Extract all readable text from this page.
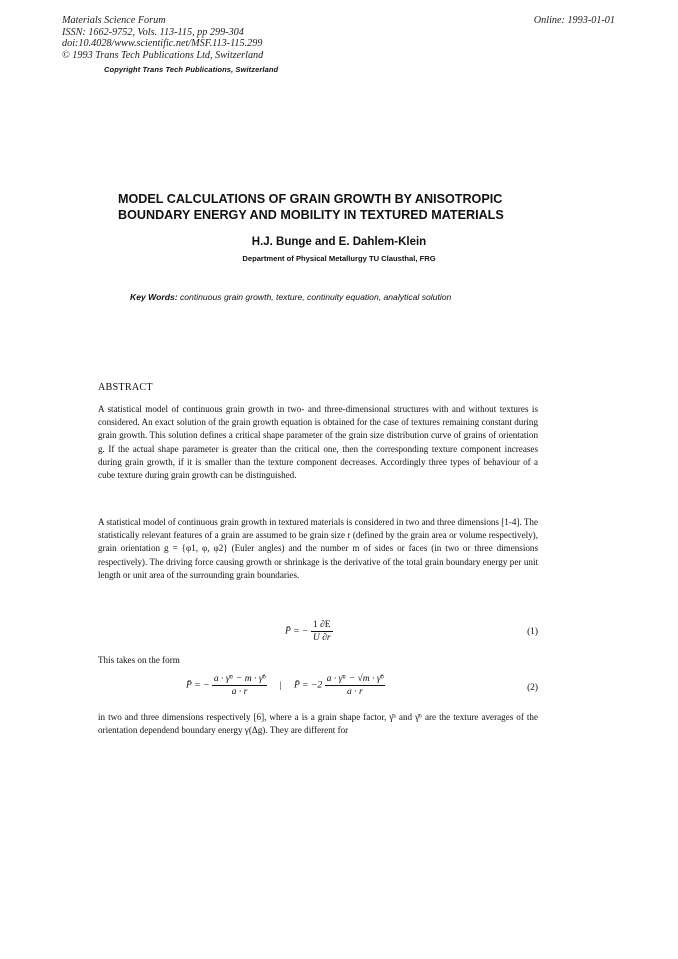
Materials Science Forum
ISSN: 1662-9752, Vols. 113-115, pp 299-304
doi:10.4028/www.scientific.net/MSF.113-115.299
© 1993 Trans Tech Publications Ltd, Switzerland
Online: 1993-01-01
Copyright Trans Tech Publications, Switzerland
MODEL CALCULATIONS OF GRAIN GROWTH BY ANISOTROPIC
BOUNDARY ENERGY AND MOBILITY IN TEXTURED MATERIALS
H.J. Bunge and E. Dahlem-Klein
Department of Physical Metallurgy TU Clausthal, FRG
Key Words: continuous grain growth, texture, continuity equation, analytical solution
ABSTRACT
A statistical model of continuous grain growth in two- and three-dimensional structures with and without textures is considered. An exact solution of the grain growth equation is obtained for the case of textures remaining constant during grain growth. This solution defines a critical shape parameter of the grain size distribution curve of grains of orientation g. If the actual shape parameter is greater than the critical one, then the corresponding texture component increases during grain growth, if it is smaller than the texture component decreases. Accordingly three types of behaviour of a cube texture during grain growth can be distinguished.
A statistical model of continuous grain growth in textured materials is considered in two and three dimensions [1-4]. The statistically relevant features of a grain are assumed to be grain size r (defined by the grain area or volume respectively), grain orientation g = {φ1, φ, φ2} (Euler angles) and the number m of sides or faces (in two or three dimensions respectively). The driving force causing growth or shrinkage is the derivative of the total grain boundary energy per unit length or unit area of the surrounding grain boundaries.
P̄ = − $\frac{1 \partial E}{U \partial r}$	(1)
This takes on the form
P̄ = − $\frac{\text{a · γ̄ᵃ − m · γ̄ᵇ}}{a \cdot r}$ | P̄ = $-2 \frac{\text{a · γ̄ᵃ − √m · γ̄ᵇ}}{a \cdot r}$	(2)
in two and three dimensions respectively [6], where a is a grain shape factor, γ̄ᵃ and γ̄ᵇ are the texture averages of the orientation dependend boundary energy γ(Δg). They are different for
